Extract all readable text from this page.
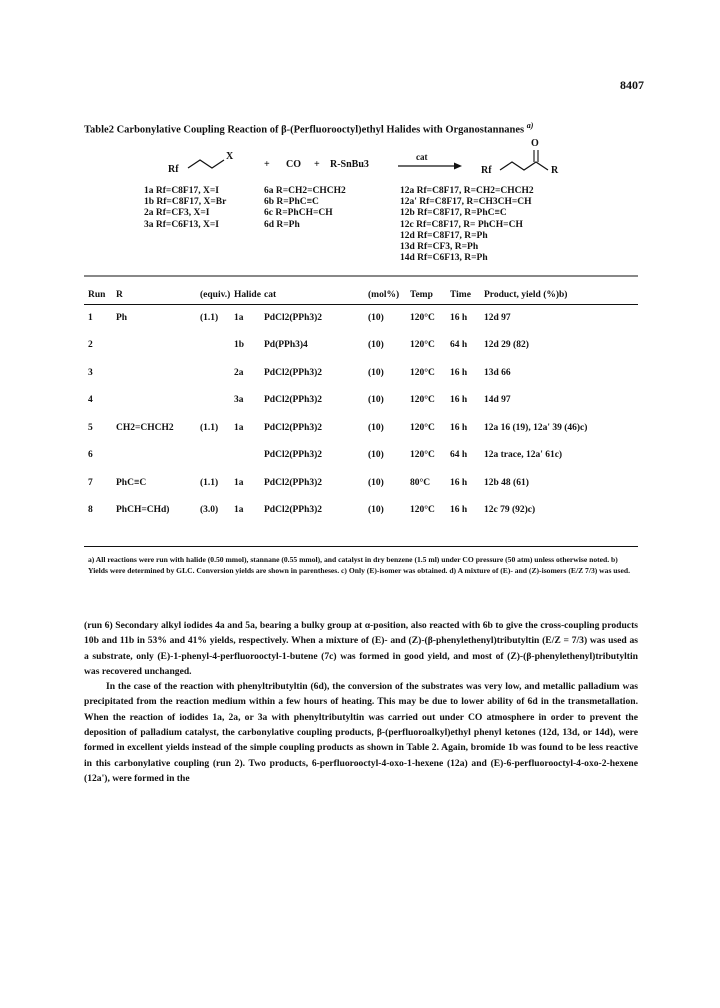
8407
Table2 Carbonylative Coupling Reaction of β-(Perfluorooctyl)ethyl Halides with Organostannanes $^{a)}$
Rf
X
+ CO + R-SnBu3
cat
Rf
O
R
1a Rf=C8F17, X=I
1b Rf=C8F17, X=Br
2a Rf=CF3, X=I
3a Rf=C6F13, X=I
6a R=CH2=CHCH2
6b R=PhC≡C
6c R=PhCH=CH
6d R=Ph
12a Rf=C8F17, R=CH2=CHCH2
12a' Rf=C8F17, R=CH3CH=CH
12b Rf=C8F17, R=PhC≡C
12c Rf=C8F17, R= PhCH=CH
12d Rf=C8F17, R=Ph
13d Rf=CF3, R=Ph
14d Rf=C6F13, R=Ph
Run	R	(equiv.)	Halide	cat	(mol%)	Temp	Time	Product, yield (%)b)
1	Ph	(1.1)	1a	PdCl2(PPh3)2	(10)	120°C	16 h	12d 97
2			1b	Pd(PPh3)4	(10)	120°C	64 h	12d 29 (82)
3			2a	PdCl2(PPh3)2	(10)	120°C	16 h	13d 66
4			3a	PdCl2(PPh3)2	(10)	120°C	16 h	14d 97
5	CH2=CHCH2	(1.1)	1a	PdCl2(PPh3)2	(10)	120°C	16 h	12a 16 (19), 12a' 39 (46)c)
6				PdCl2(PPh3)2	(10)	120°C	64 h	12a trace, 12a' 61c)
7	PhC≡C	(1.1)	1a	PdCl2(PPh3)2	(10)	80°C	16 h	12b 48 (61)
8	PhCH=CHd)	(3.0)	1a	PdCl2(PPh3)2	(10)	120°C	16 h	12c 79 (92)c)
a) All reactions were run with halide (0.50 mmol), stannane (0.55 mmol), and catalyst in dry benzene (1.5 ml) under CO pressure (50 atm) unless otherwise noted. b) Yields were determined by GLC. Conversion yields are shown in parentheses. c) Only (E)-isomer was obtained. d) A mixture of (E)- and (Z)-isomers (E/Z 7/3) was used.

(run 6) Secondary alkyl iodides 4a and 5a, bearing a bulky group at α-position, also reacted with 6b to give the cross-coupling products 10b and 11b in 53% and 41% yields, respectively. When a mixture of (E)- and (Z)-(β-phenylethenyl)tributyltin (E/Z = 7/3) was used as a substrate, only (E)-1-phenyl-4-perfluorooctyl-1-butene (7c) was formed in good yield, and most of (Z)-(β-phenylethenyl)tributyltin was recovered unchanged.

In the case of the reaction with phenyltributyltin (6d), the conversion of the substrates was very low, and metallic palladium was precipitated from the reaction medium within a few hours of heating. This may be due to lower ability of 6d in the transmetallation. When the reaction of iodides 1a, 2a, or 3a with phenyltributyltin was carried out under CO atmosphere in order to prevent the deposition of palladium catalyst, the carbonylative coupling products, β-(perfluoroalkyl)ethyl phenyl ketones (12d, 13d, or 14d), were formed in excellent yields instead of the simple coupling products as shown in Table 2. Again, bromide 1b was found to be less reactive in this carbonylative coupling (run 2). Two products, 6-perfluorooctyl-4-oxo-1-hexene (12a) and (E)-6-perfluorooctyl-4-oxo-2-hexene (12a'), were formed in the
